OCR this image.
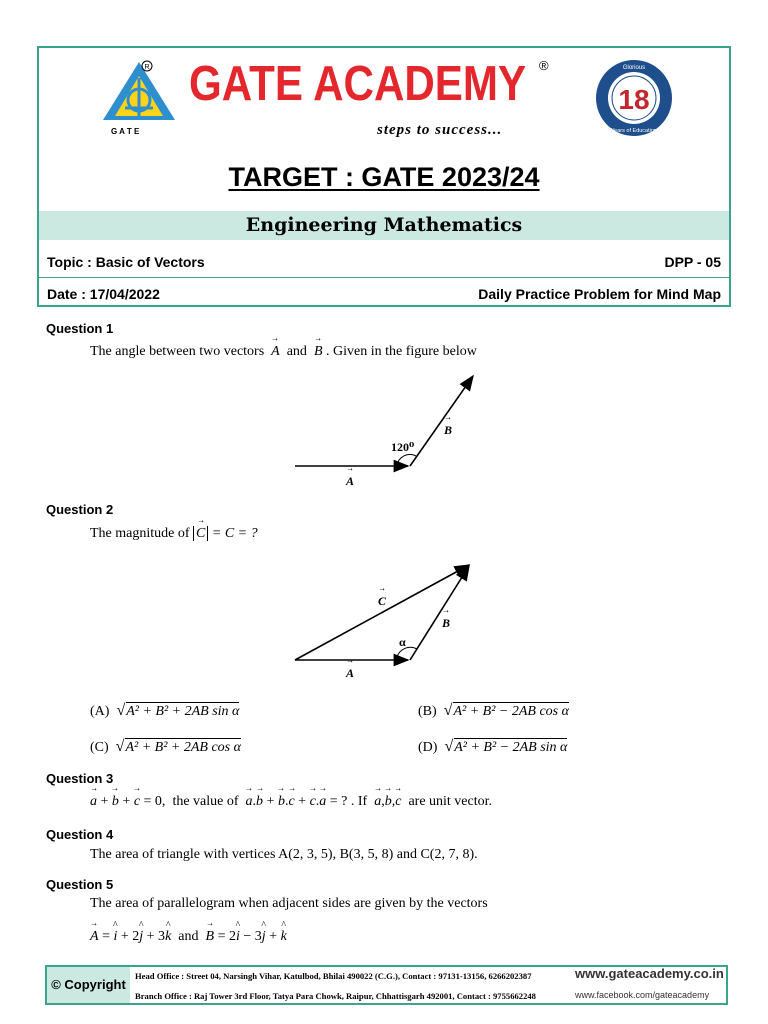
R
G A T E
GATE ACADEMY ®
steps to success...
Glorious
18
Years of Education
TARGET : GATE 2023/24
Engineering Mathematics
Topic : Basic of Vectors	DPP - 05
Date : 17/04/2022	Daily Practice Problem for Mind Map
Question 1
The angle between two vectors → A and → B . Given in the figure below
120⁰
→ B
→ A
Question 2
The magnitude of → C = C = ?
→ C
→ B
α
→ A
(A) √A² + B² + 2AB sin α	(B) √A² + B² − 2AB cos α
(C) √A² + B² + 2AB cos α	(D) √A² + B² − 2AB sin α
Question 3
→ a + → b + → c = 0, the value of → a.→ b + → b.→ c + → c.→ a = ? . If → a,→ b,→ c are unit vector.
Question 4
The area of triangle with vertices A(2, 3, 5), B(3, 5, 8) and C(2, 7, 8).
Question 5
The area of parallelogram when adjacent sides are given by the vectors
→ A = ^ i + 2^ j + 3^ k and → B = 2^ i − 3^ j + ^ k
© Copyright
Head Office : Street 04, Narsingh Vihar, Katulbod, Bhilai 490022 (C.G.), Contact : 97131-13156, 6266202387	www.gateacademy.co.in
Branch Office : Raj Tower 3rd Floor, Tatya Para Chowk, Raipur, Chhattisgarh 492001, Contact : 9755662248	www.facebook.com/gateacademy
